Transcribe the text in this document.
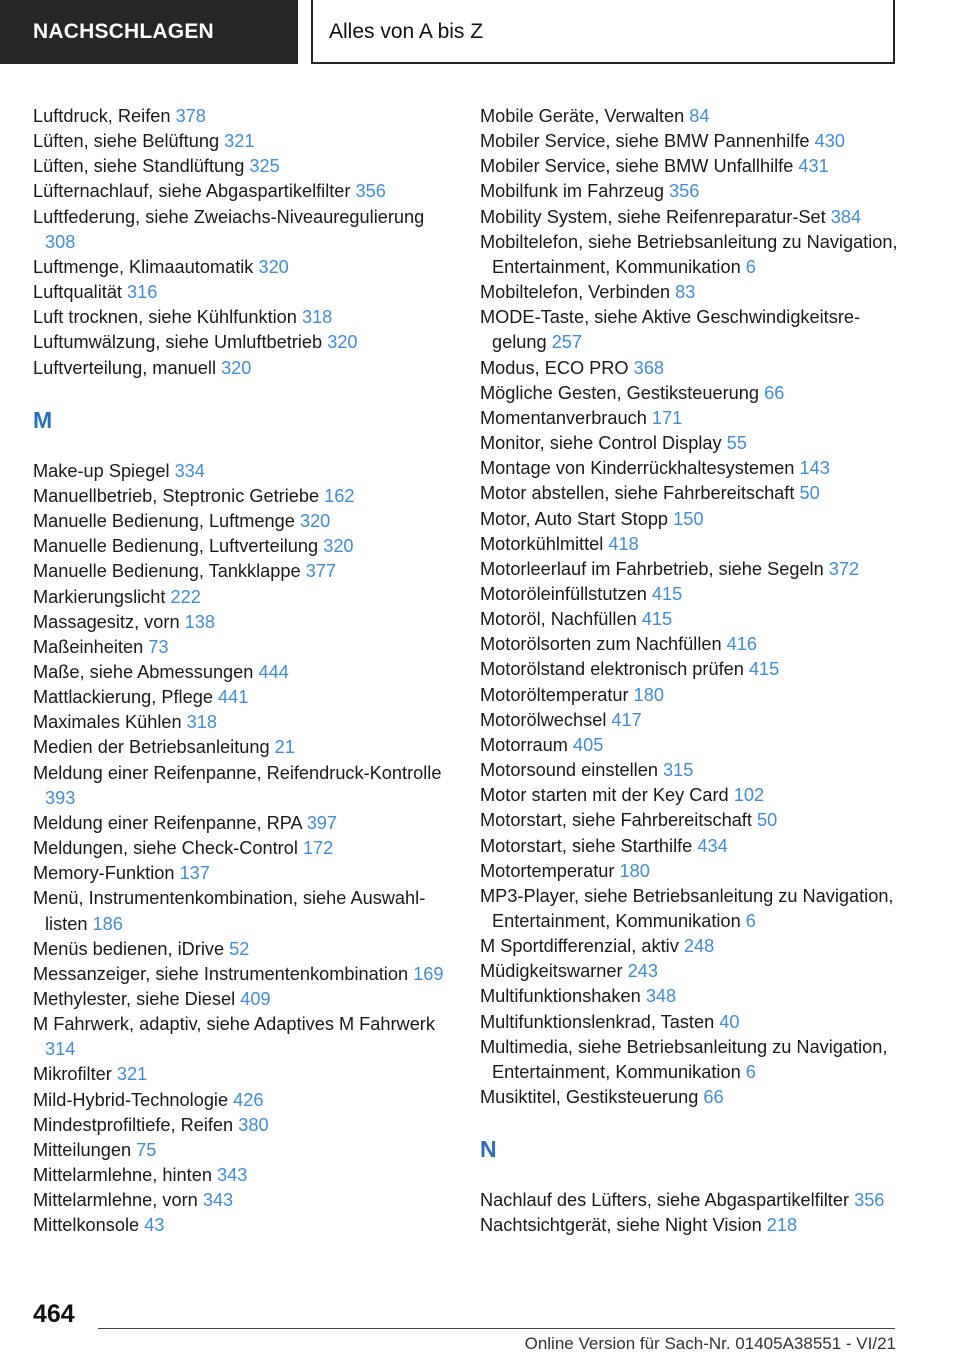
NACHSCHLAGEN	Alles von A bis Z
Luftdruck, Reifen 378
Lüften, siehe Belüftung 321
Lüften, siehe Standlüftung 325
Lüfternachlauf, siehe Abgaspartikelfilter 356
Luftfederung, siehe Zweiachs-Niveauregulierung 308
Luftmenge, Klimaautomatik 320
Luftqualität 316
Luft trocknen, siehe Kühlfunktion 318
Luftumwälzung, siehe Umluftbetrieb 320
Luftverteilung, manuell 320
M
Make-up Spiegel 334
Manuellbetrieb, Steptronic Getriebe 162
Manuelle Bedienung, Luftmenge 320
Manuelle Bedienung, Luftverteilung 320
Manuelle Bedienung, Tankklappe 377
Markierungslicht 222
Massagesitz, vorn 138
Maßeinheiten 73
Maße, siehe Abmessungen 444
Mattlackierung, Pflege 441
Maximales Kühlen 318
Medien der Betriebsanleitung 21
Meldung einer Reifenpanne, Reifendruck-Kontrolle 393
Meldung einer Reifenpanne, RPA 397
Meldungen, siehe Check-Control 172
Memory-Funktion 137
Menü, Instrumentenkombination, siehe Auswahllisten 186
Menüs bedienen, iDrive 52
Messanzeiger, siehe Instrumentenkombination 169
Methylester, siehe Diesel 409
M Fahrwerk, adaptiv, siehe Adaptives M Fahrwerk 314
Mikrofilter 321
Mild-Hybrid-Technologie 426
Mindestprofiltiefe, Reifen 380
Mitteilungen 75
Mittelarmlehne, hinten 343
Mittelarmlehne, vorn 343
Mittelkonsole 43
Mobile Geräte, Verwalten 84
Mobiler Service, siehe BMW Pannenhilfe 430
Mobiler Service, siehe BMW Unfallhilfe 431
Mobilfunk im Fahrzeug 356
Mobility System, siehe Reifenreparatur-Set 384
Mobiltelefon, siehe Betriebsanleitung zu Navigation, Entertainment, Kommunikation 6
Mobiltelefon, Verbinden 83
MODE-Taste, siehe Aktive Geschwindigkeitsregelung 257
Modus, ECO PRO 368
Mögliche Gesten, Gestiksteuerung 66
Momentanverbrauch 171
Monitor, siehe Control Display 55
Montage von Kinderrückhaltesystemen 143
Motor abstellen, siehe Fahrbereitschaft 50
Motor, Auto Start Stopp 150
Motorkühlmittel 418
Motorleerlauf im Fahrbetrieb, siehe Segeln 372
Motoröleinfüllstutzen 415
Motoröl, Nachfüllen 415
Motorölsorten zum Nachfüllen 416
Motorölstand elektronisch prüfen 415
Motoröltemperatur 180
Motorölwechsel 417
Motorraum 405
Motorsound einstellen 315
Motor starten mit der Key Card 102
Motorstart, siehe Fahrbereitschaft 50
Motorstart, siehe Starthilfe 434
Motortemperatur 180
MP3-Player, siehe Betriebsanleitung zu Navigation, Entertainment, Kommunikation 6
M Sportdifferenzial, aktiv 248
Müdigkeitswarner 243
Multifunktionshaken 348
Multifunktionslenkrad, Tasten 40
Multimedia, siehe Betriebsanleitung zu Navigation, Entertainment, Kommunikation 6
Musiktitel, Gestiksteuerung 66
N
Nachlauf des Lüfters, siehe Abgaspartikelfilter 356
Nachtsichtgerät, siehe Night Vision 218
464
Online Version für Sach-Nr. 01405A38551 - VI/21
